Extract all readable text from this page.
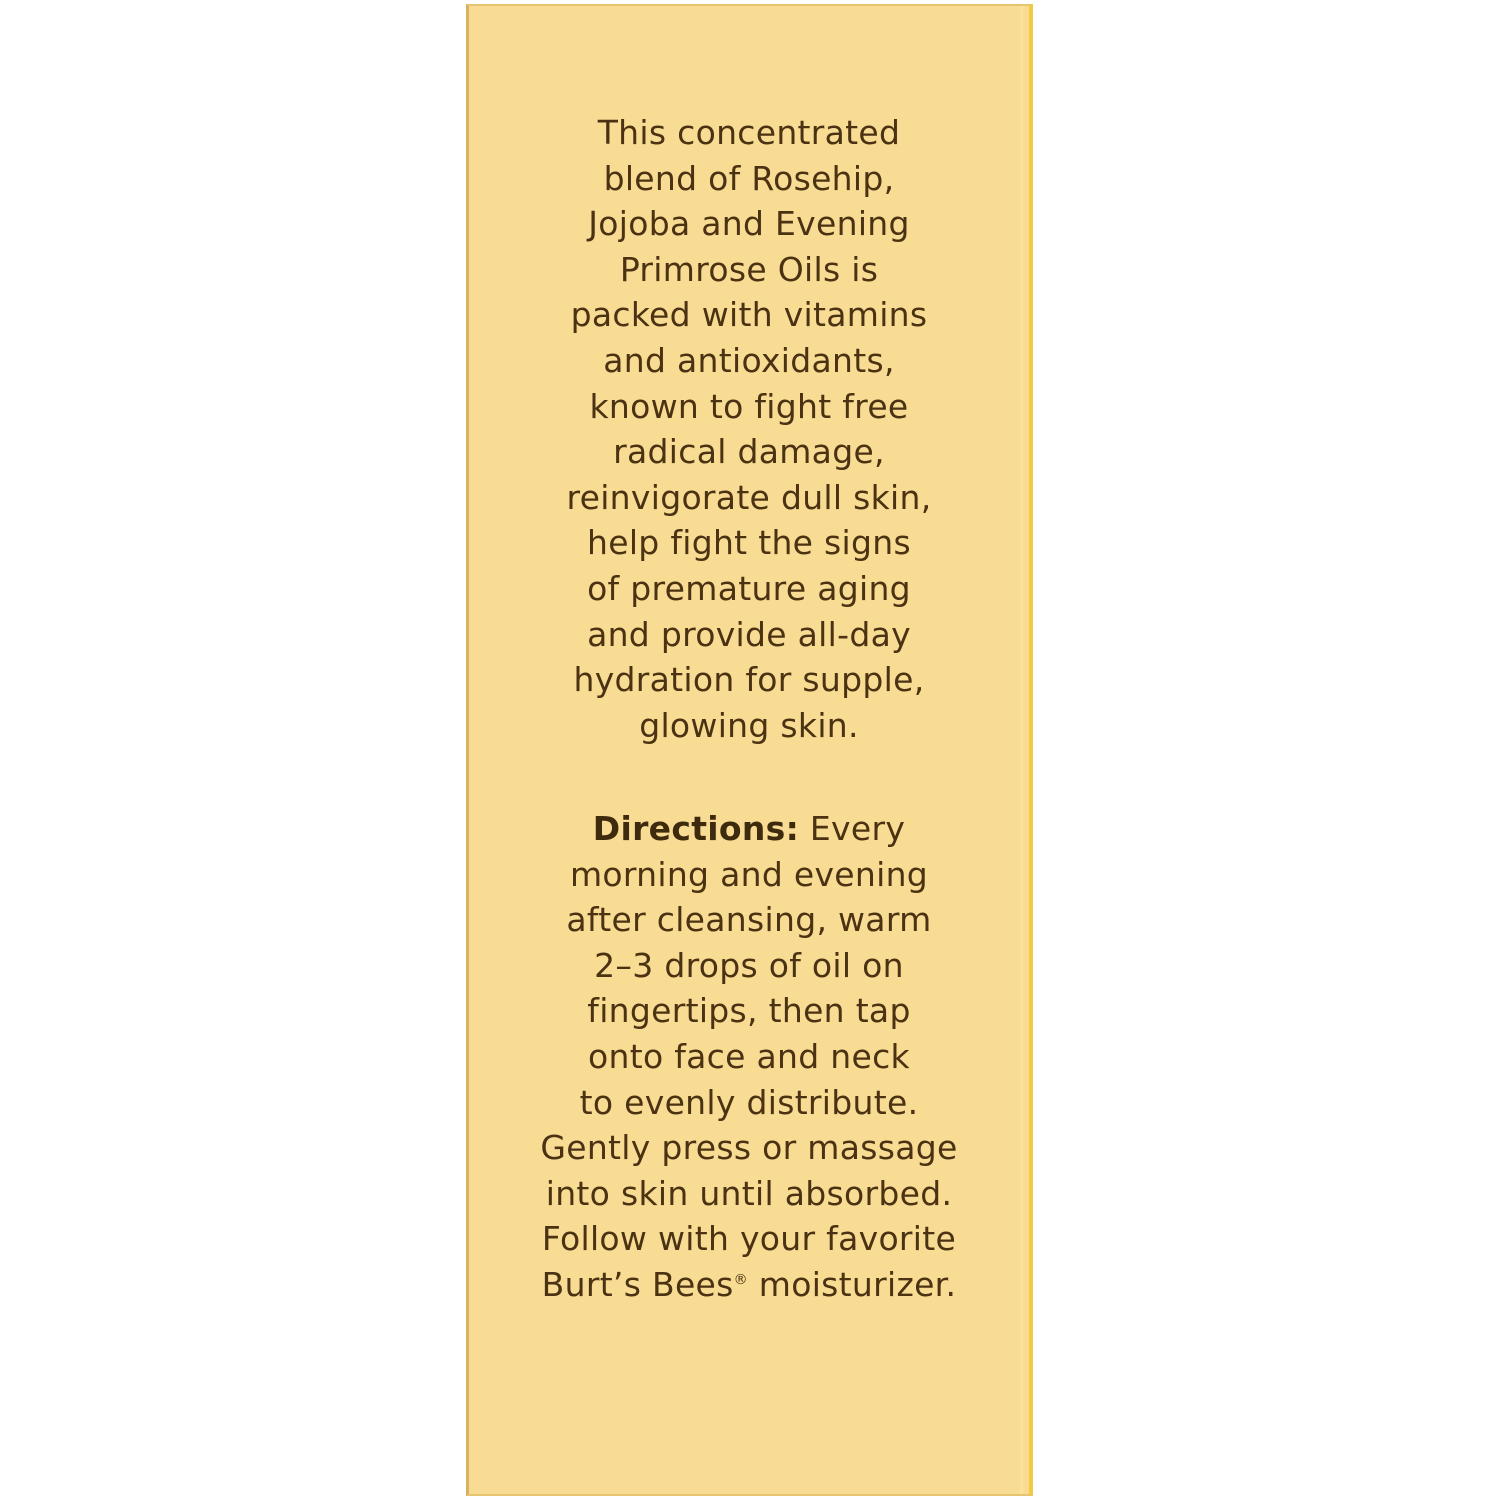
This concentrated
blend of Rosehip,
Jojoba and Evening
Primrose Oils is
packed with vitamins
and antioxidants,
known to fight free
radical damage,
reinvigorate dull skin,
help fight the signs
of premature aging
and provide all-day
hydration for supple,
glowing skin.
Directions: Every
morning and evening
after cleansing, warm
2–3 drops of oil on
fingertips, then tap
onto face and neck
to evenly distribute.
Gently press or massage
into skin until absorbed.
Follow with your favorite
Burt’s Bees® moisturizer.
